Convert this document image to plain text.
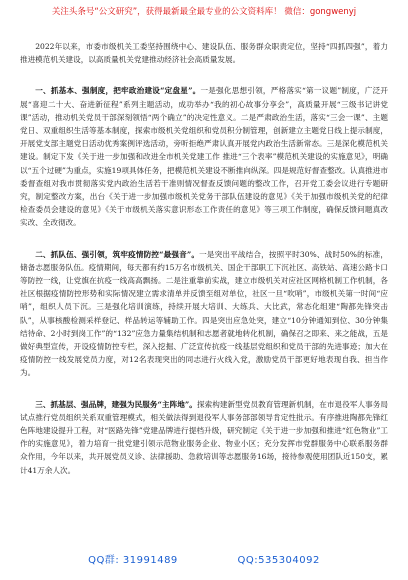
关注头条号“公文研究”，获得最新最全最专业的公文资料库！ 微信：gongwenyj

2022年以来，市委市级机关工委坚持围绕中心、建设队伍、服务群众职责定位，坚持“四抓四强”，着力推进模范机关建设，以高质量机关党建推动经济社会高质量发展。

一、抓基本、强制度，把牢政治建设“定盘星”。一是强化思想引领，严格落实“第一议题”制度，广泛开展“喜迎二十大、奋进新征程”系列主题活动，成功举办“我的初心故事分享会”，高质量开展“三级书记讲党课”活动，推动机关党员干部深刻领悟“两个确立”的决定性意义。二是严肃政治生活，落实“三会一课”、主题党日、双重组织生活等基本制度，探索市级机关党组织和党员积分制管理，创新建立主题党日线上提示制度，开展党支部主题党日活动优秀案例评选活动，旁听拒绝严肃认真开展党内政治生活新常态。三是深化模范机关建设。制定下发《关于进一步加强和改进全市机关党建工作 推进“三个表率”模范机关建设的实施意见》，明确以“五个过硬”为重点，实施19项具体任务，把模范机关建设不断推向纵深。四是规范好督查整改。认真推进市委督查组对我市贯彻落实党内政治生活若干准则情况督查反馈问题的整改工作，召开党工委会议进行专题研究，制定整改方案，出台《关于进一步加强市级机关党务干部队伍建设的意见》《关于加强市级机关党的纪律检查委员会建设的意见》《关于市级机关落实意识形态工作责任的意见》等三项工作制度，确保反馈问题真改实改、全改彻改。

二、抓队伍、强引领，筑牢疫情防控“最强音”。一是突出平战结合，按照平时30%、战时50%的标准，储备志愿服务队伍。疫情期间，每天都有约15万名市级机关、国企干部职工下沉社区、高铁站、高速公路卡口等防控一线，让党旗在抗疫一线高高飘扬。二是注重靠前实战，建立市级机关对应社区网格机制工作机制，各社区根据疫情防控形势和实际情况建立需求清单并反馈至组对单位，社区一旦“吹哨”，市级机关第一时间“应哨”，组织人员下沉。三是强化培训演练，持续开展大培训、大练兵、大比武，常态化组建“陶都先锋突击队”，从事核酸检测采样登记、样品转运等辅助工作。四是突出应急处突，建立“10分钟通知到位、30分钟集结待命、2小时到岗工作”的“132”应急力量集结机制和志愿者就地转化机制，确保召之即来、来之能战，五是做好典型宣传，开设疫情防控专栏，深入挖掘、广泛宣传抗疫一线基层党组织和党员干部的先进事迹；加大在疫情防控一线发展党员力度，对12名表现突出的同志进行火线入党，激励党员干部更好地表现自我、担当作为。

三、抓基层、强品牌，建强为民服务“主阵地”。探索构建新型党员教育管理新机制，在市退役军人事务局试点推行党员组织关系双重管理模式，相关做法得到退役军人事务部部领导肯定性批示。有序推进陶都先锋红色阵地建设提升工程，对“医路先锋”党建品牌进行提档升级，研究制定《关于进一步加强和推进“红色物业”工作的实施意见》，着力培育一批党建引领示范物业服务企业、物业小区；充分发挥市党群服务中心联系服务群众作用，今年以来，共开展党员义诊、法律援助、急救培训等志愿服务16场，接待参观使用团队近150支，累计41万余人次。

QQ群: 31991489	QQ:535304092
